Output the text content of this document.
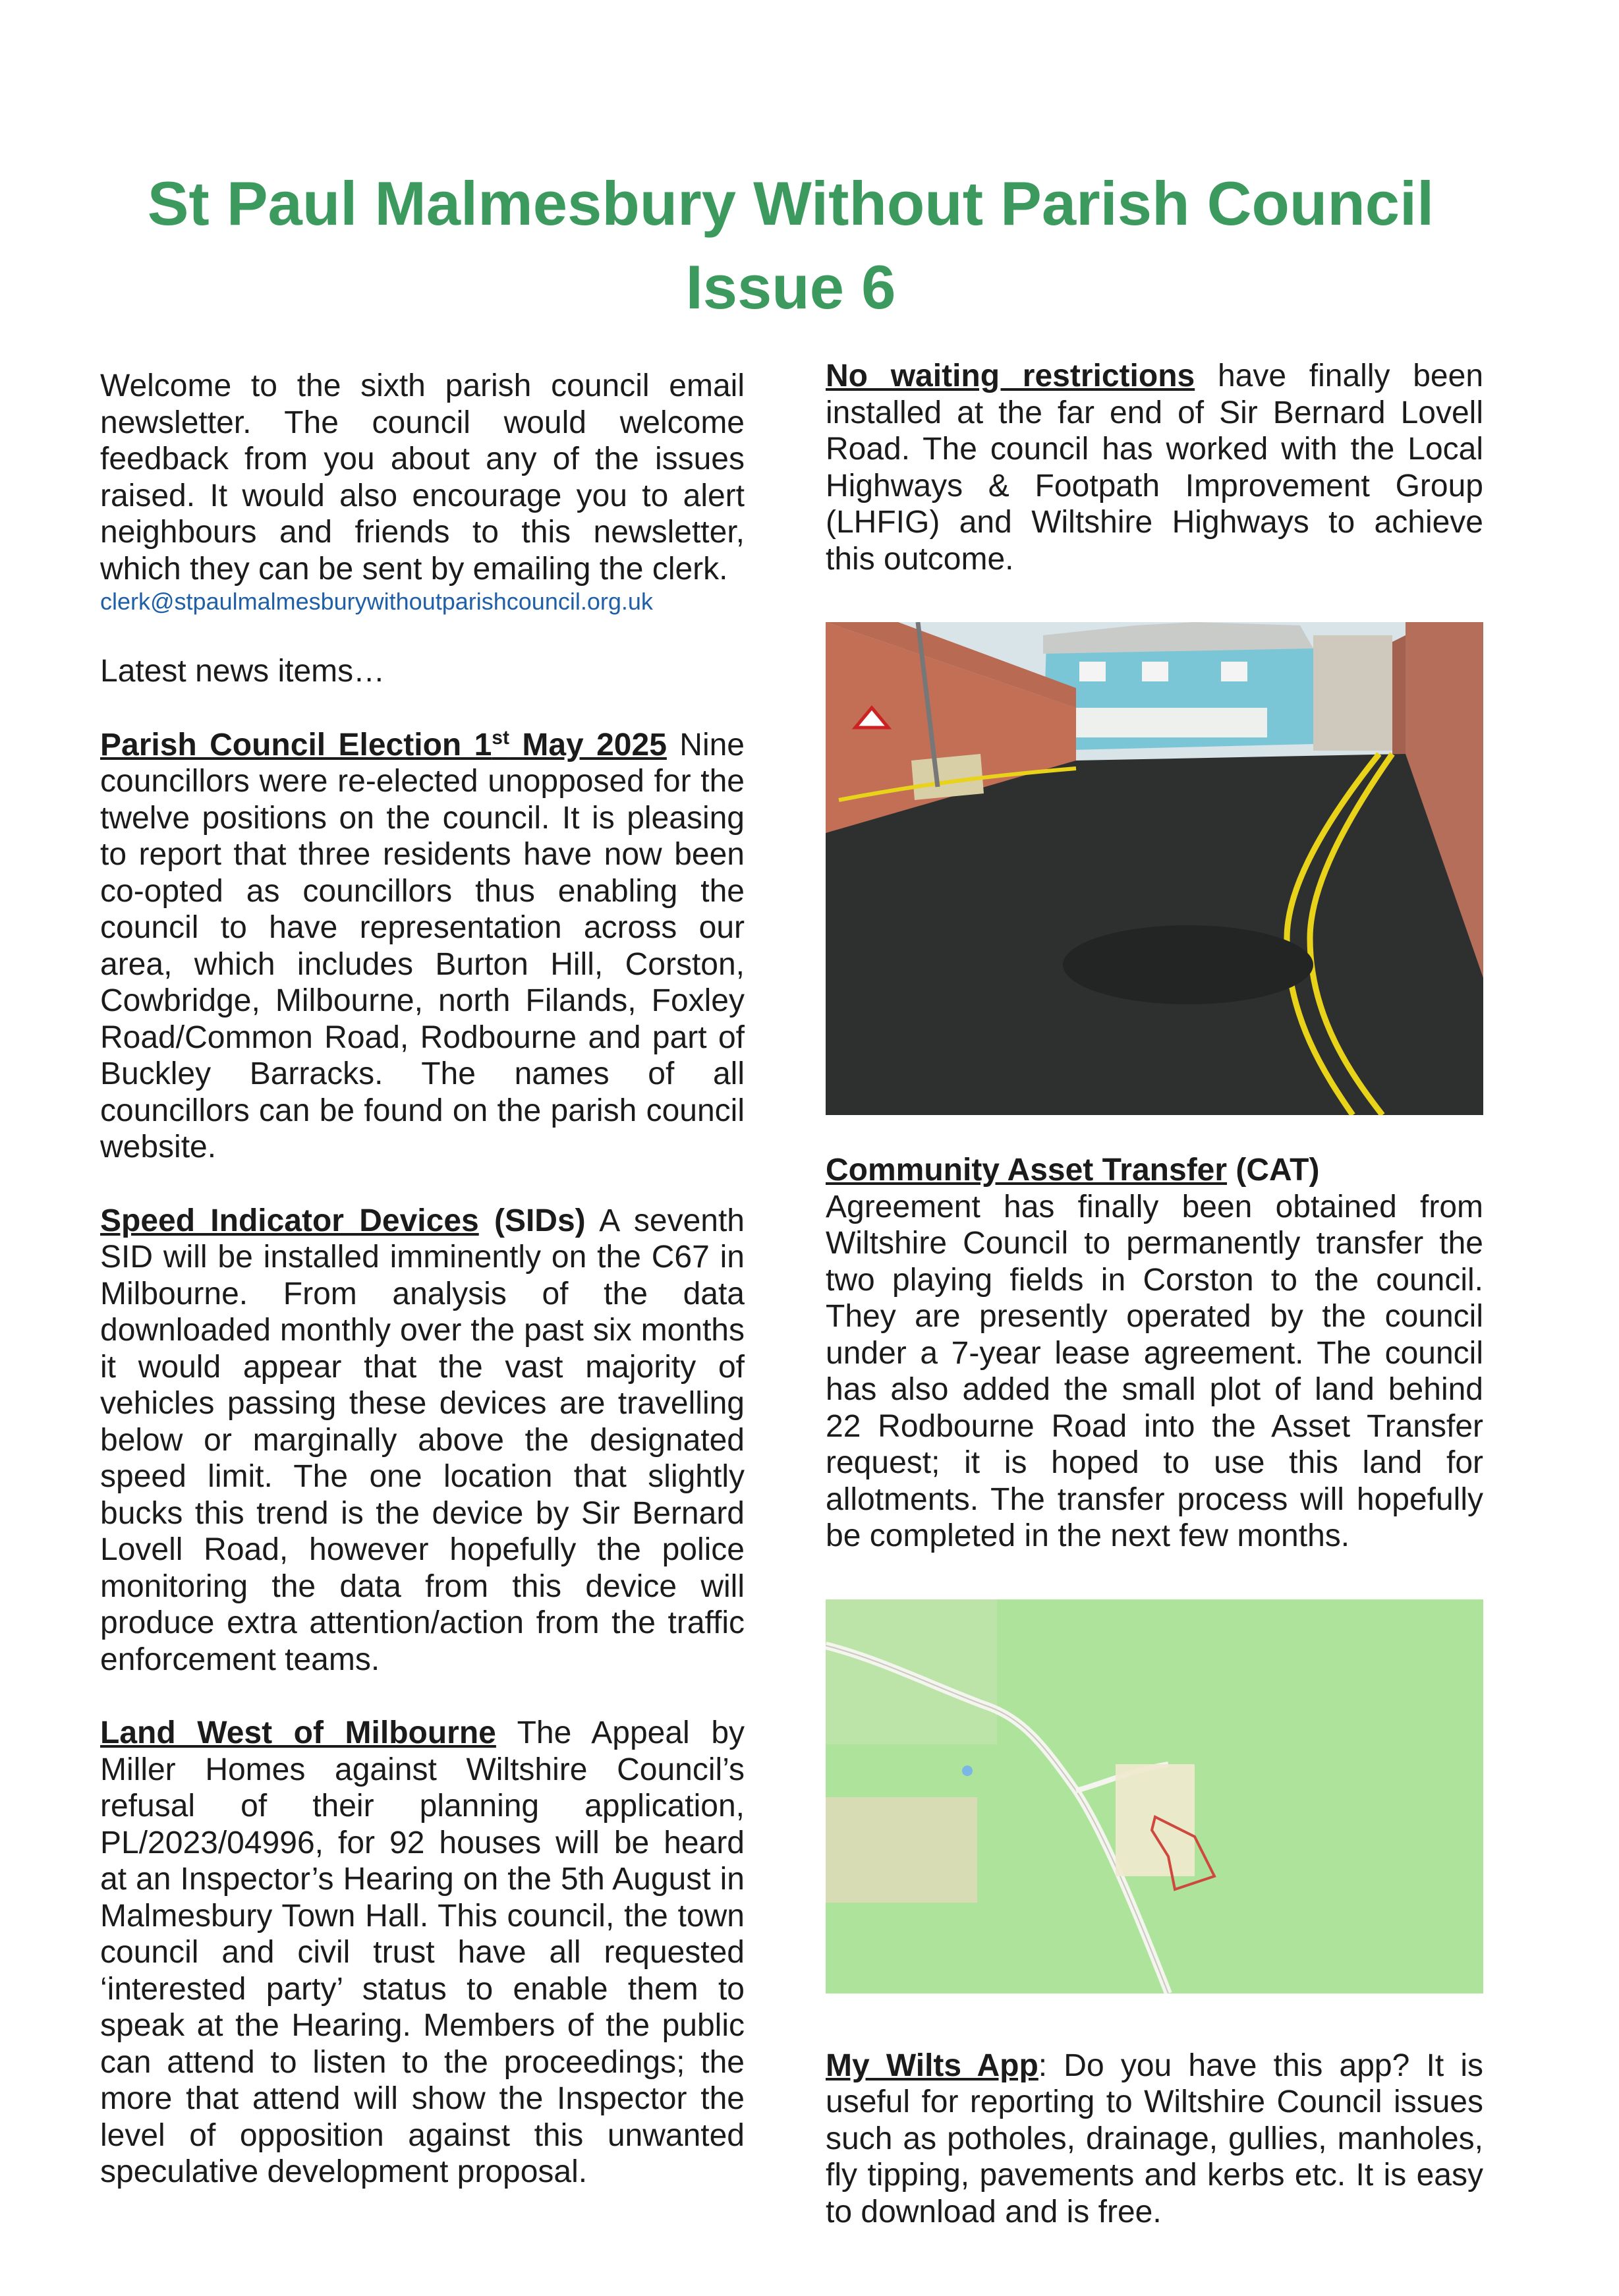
St Paul Malmesbury Without Parish Council
Issue 6

Welcome to the sixth parish council email newsletter. The council would welcome feedback from you about any of the issues raised. It would also encourage you to alert neighbours and friends to this newsletter, which they can be sent by emailing the clerk.

clerk@stpaulmalmesburywithoutparishcouncil.org.uk

Latest news items…

Parish Council Election 1st May 2025 Nine councillors were re-elected unopposed for the twelve positions on the council. It is pleasing to report that three residents have now been co-opted as councillors thus enabling the council to have representation across our area, which includes Burton Hill, Corston, Cowbridge, Milbourne, north Filands, Foxley Road/Common Road, Rodbourne and part of Buckley Barracks. The names of all councillors can be found on the parish council website.

Speed Indicator Devices (SIDs) A seventh SID will be installed imminently on the C67 in Milbourne. From analysis of the data downloaded monthly over the past six months it would appear that the vast majority of vehicles passing these devices are travelling below or marginally above the designated speed limit. The one location that slightly bucks this trend is the device by Sir Bernard Lovell Road, however hopefully the police monitoring the data from this device will produce extra attention/action from the traffic enforcement teams.

Land West of Milbourne The Appeal by Miller Homes against Wiltshire Council’s refusal of their planning application, PL/2023/04996, for 92 houses will be heard at an Inspector’s Hearing on the 5th August in Malmesbury Town Hall. This council, the town council and civil trust have all requested ‘interested party’ status to enable them to speak at the Hearing. Members of the public can attend to listen to the proceedings; the more that attend will show the Inspector the level of opposition against this unwanted speculative development proposal.

No waiting restrictions have finally been installed at the far end of Sir Bernard Lovell Road. The council has worked with the Local Highways & Footpath Improvement Group (LHFIG) and Wiltshire Highways to achieve this outcome.

Community Asset Transfer (CAT)
Agreement has finally been obtained from Wiltshire Council to permanently transfer the two playing fields in Corston to the council. They are presently operated by the council under a 7-year lease agreement. The council has also added the small plot of land behind 22 Rodbourne Road into the Asset Transfer request; it is hoped to use this land for allotments. The transfer process will hopefully be completed in the next few months.

My Wilts App: Do you have this app? It is useful for reporting to Wiltshire Council issues such as potholes, drainage, gullies, manholes, fly tipping, pavements and kerbs etc. It is easy to download and is free.
